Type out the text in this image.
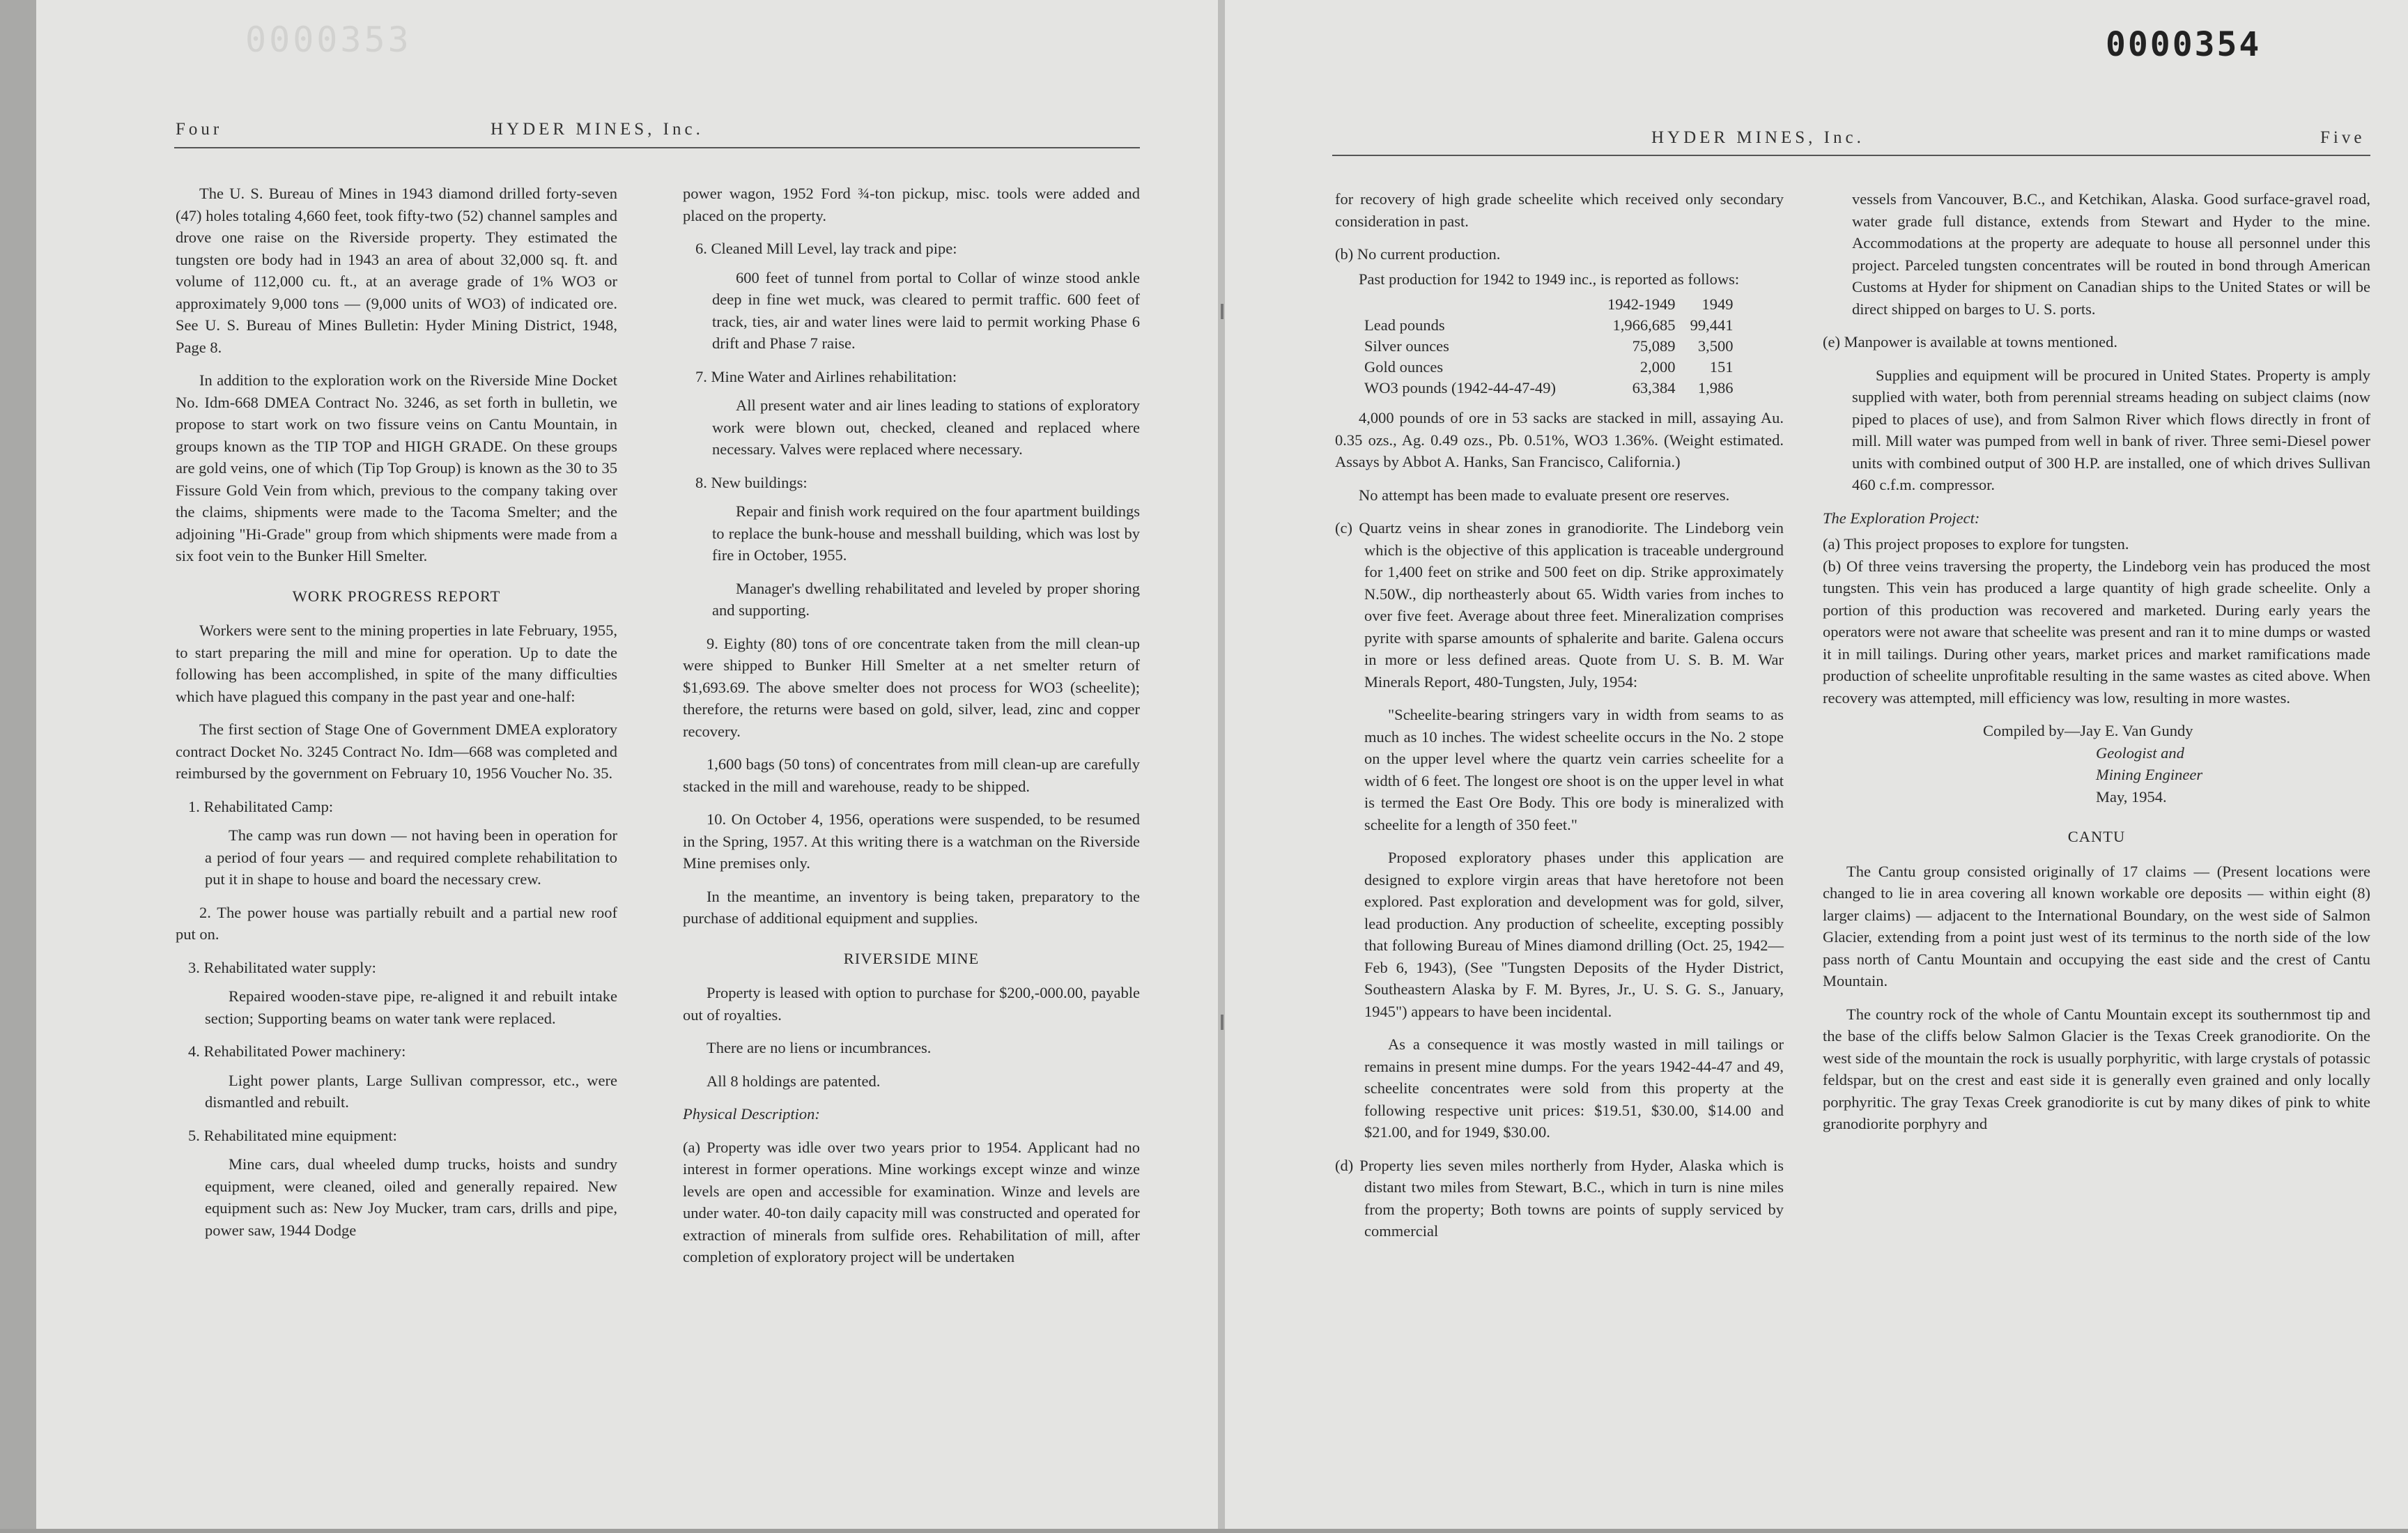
0000353
Four	HYDER MINES, Inc.

The U. S. Bureau of Mines in 1943 diamond drilled forty-seven (47) holes totaling 4,660 feet, took fifty-two (52) channel samples and drove one raise on the Riverside property. They estimated the tungsten ore body had in 1943 an area of about 32,000 sq. ft. and volume of 112,000 cu. ft., at an average grade of 1% WO3 or approximately 9,000 tons — (9,000 units of WO3) of indicated ore. See U. S. Bureau of Mines Bulletin: Hyder Mining District, 1948, Page 8.

In addition to the exploration work on the Riverside Mine Docket No. Idm-668 DMEA Contract No. 3246, as set forth in bulletin, we propose to start work on two fissure veins on Cantu Mountain, in groups known as the TIP TOP and HIGH GRADE. On these groups are gold veins, one of which (Tip Top Group) is known as the 30 to 35 Fissure Gold Vein from which, previous to the company taking over the claims, shipments were made to the Tacoma Smelter; and the adjoining "Hi-Grade" group from which shipments were made from a six foot vein to the Bunker Hill Smelter.

WORK PROGRESS REPORT

Workers were sent to the mining properties in late February, 1955, to start preparing the mill and mine for operation. Up to date the following has been accomplished, in spite of the many difficulties which have plagued this company in the past year and one-half:

The first section of Stage One of Government DMEA exploratory contract Docket No. 3245 Contract No. Idm—668 was completed and reimbursed by the government on February 10, 1956 Voucher No. 35.

1. Rehabilitated Camp:

The camp was run down — not having been in operation for a period of four years — and required complete rehabilitation to put it in shape to house and board the necessary crew.

2. The power house was partially rebuilt and a partial new roof put on.

3. Rehabilitated water supply:

Repaired wooden-stave pipe, re-aligned it and rebuilt intake section; Supporting beams on water tank were replaced.

4. Rehabilitated Power machinery:

Light power plants, Large Sullivan compressor, etc., were dismantled and rebuilt.

5. Rehabilitated mine equipment:

Mine cars, dual wheeled dump trucks, hoists and sundry equipment, were cleaned, oiled and generally repaired. New equipment such as: New Joy Mucker, tram cars, drills and pipe, power saw, 1944 Dodge

power wagon, 1952 Ford ¾-ton pickup, misc. tools were added and placed on the property.

6. Cleaned Mill Level, lay track and pipe:

600 feet of tunnel from portal to Collar of winze stood ankle deep in fine wet muck, was cleared to permit traffic. 600 feet of track, ties, air and water lines were laid to permit working Phase 6 drift and Phase 7 raise.

7. Mine Water and Airlines rehabilitation:

All present water and air lines leading to stations of exploratory work were blown out, checked, cleaned and replaced where necessary. Valves were replaced where necessary.

8. New buildings:

Repair and finish work required on the four apartment buildings to replace the bunk-house and messhall building, which was lost by fire in October, 1955.

Manager's dwelling rehabilitated and leveled by proper shoring and supporting.

9. Eighty (80) tons of ore concentrate taken from the mill clean-up were shipped to Bunker Hill Smelter at a net smelter return of $1,693.69. The above smelter does not process for WO3 (scheelite); therefore, the returns were based on gold, silver, lead, zinc and copper recovery.

1,600 bags (50 tons) of concentrates from mill clean-up are carefully stacked in the mill and warehouse, ready to be shipped.

10. On October 4, 1956, operations were suspended, to be resumed in the Spring, 1957. At this writing there is a watchman on the Riverside Mine premises only.

In the meantime, an inventory is being taken, preparatory to the purchase of additional equipment and supplies.

RIVERSIDE MINE

Property is leased with option to purchase for $200,-000.00, payable out of royalties.

There are no liens or incumbrances.

All 8 holdings are patented.

Physical Description:

(a) Property was idle over two years prior to 1954. Applicant had no interest in former operations. Mine workings except winze and winze levels are open and accessible for examination. Winze and levels are under water. 40-ton daily capacity mill was constructed and operated for extraction of minerals from sulfide ores. Rehabilitation of mill, after completion of exploratory project will be undertaken

0000354
HYDER MINES, Inc.	Five

for recovery of high grade scheelite which received only secondary consideration in past.

(b) No current production.

Past production for 1942 to 1949 inc., is reported as follows:

	1942-1949	1949
Lead pounds	1,966,685	99,441
Silver ounces	75,089	3,500
Gold ounces	2,000	151
WO3 pounds (1942-44-47-49)	63,384	1,986

4,000 pounds of ore in 53 sacks are stacked in mill, assaying Au. 0.35 ozs., Ag. 0.49 ozs., Pb. 0.51%, WO3 1.36%. (Weight estimated. Assays by Abbot A. Hanks, San Francisco, California.)

No attempt has been made to evaluate present ore reserves.

(c) Quartz veins in shear zones in granodiorite. The Lindeborg vein which is the objective of this application is traceable underground for 1,400 feet on strike and 500 feet on dip. Strike approximately N.50W., dip northeasterly about 65. Width varies from inches to over five feet. Average about three feet. Mineralization comprises pyrite with sparse amounts of sphalerite and barite. Galena occurs in more or less defined areas. Quote from U. S. B. M. War Minerals Report, 480-Tungsten, July, 1954:

"Scheelite-bearing stringers vary in width from seams to as much as 10 inches. The widest scheelite occurs in the No. 2 stope on the upper level where the quartz vein carries scheelite for a width of 6 feet. The longest ore shoot is on the upper level in what is termed the East Ore Body. This ore body is mineralized with scheelite for a length of 350 feet."

Proposed exploratory phases under this application are designed to explore virgin areas that have heretofore not been explored. Past exploration and development was for gold, silver, lead production. Any production of scheelite, excepting possibly that following Bureau of Mines diamond drilling (Oct. 25, 1942—Feb 6, 1943), (See "Tungsten Deposits of the Hyder District, Southeastern Alaska by F. M. Byres, Jr., U. S. G. S., January, 1945") appears to have been incidental.

As a consequence it was mostly wasted in mill tailings or remains in present mine dumps. For the years 1942-44-47 and 49, scheelite concentrates were sold from this property at the following respective unit prices: $19.51, $30.00, $14.00 and $21.00, and for 1949, $30.00.

(d) Property lies seven miles northerly from Hyder, Alaska which is distant two miles from Stewart, B.C., which in turn is nine miles from the property; Both towns are points of supply serviced by commercial

vessels from Vancouver, B.C., and Ketchikan, Alaska. Good surface-gravel road, water grade full distance, extends from Stewart and Hyder to the mine. Accommodations at the property are adequate to house all personnel under this project. Parceled tungsten concentrates will be routed in bond through American Customs at Hyder for shipment on Canadian ships to the United States or will be direct shipped on barges to U. S. ports.

(e) Manpower is available at towns mentioned.

Supplies and equipment will be procured in United States. Property is amply supplied with water, both from perennial streams heading on subject claims (now piped to places of use), and from Salmon River which flows directly in front of mill. Mill water was pumped from well in bank of river. Three semi-Diesel power units with combined output of 300 H.P. are installed, one of which drives Sullivan 460 c.f.m. compressor.

The Exploration Project:

(a) This project proposes to explore for tungsten.

(b) Of three veins traversing the property, the Lindeborg vein has produced the most tungsten. This vein has produced a large quantity of high grade scheelite. Only a portion of this production was recovered and marketed. During early years the operators were not aware that scheelite was present and ran it to mine dumps or wasted it in mill tailings. During other years, market prices and market ramifications made production of scheelite unprofitable resulting in the same wastes as cited above. When recovery was attempted, mill efficiency was low, resulting in more wastes.

Compiled by—Jay E. Van Gundy

Geologist and

Mining Engineer

May, 1954.

CANTU

The Cantu group consisted originally of 17 claims — (Present locations were changed to lie in area covering all known workable ore deposits — within eight (8) larger claims) — adjacent to the International Boundary, on the west side of Salmon Glacier, extending from a point just west of its terminus to the north side of the low pass north of Cantu Mountain and occupying the east side and the crest of Cantu Mountain.

The country rock of the whole of Cantu Mountain except its southernmost tip and the base of the cliffs below Salmon Glacier is the Texas Creek granodiorite. On the west side of the mountain the rock is usually porphyritic, with large crystals of potassic feldspar, but on the crest and east side it is generally even grained and only locally porphyritic. The gray Texas Creek granodiorite is cut by many dikes of pink to white granodiorite porphyry and
